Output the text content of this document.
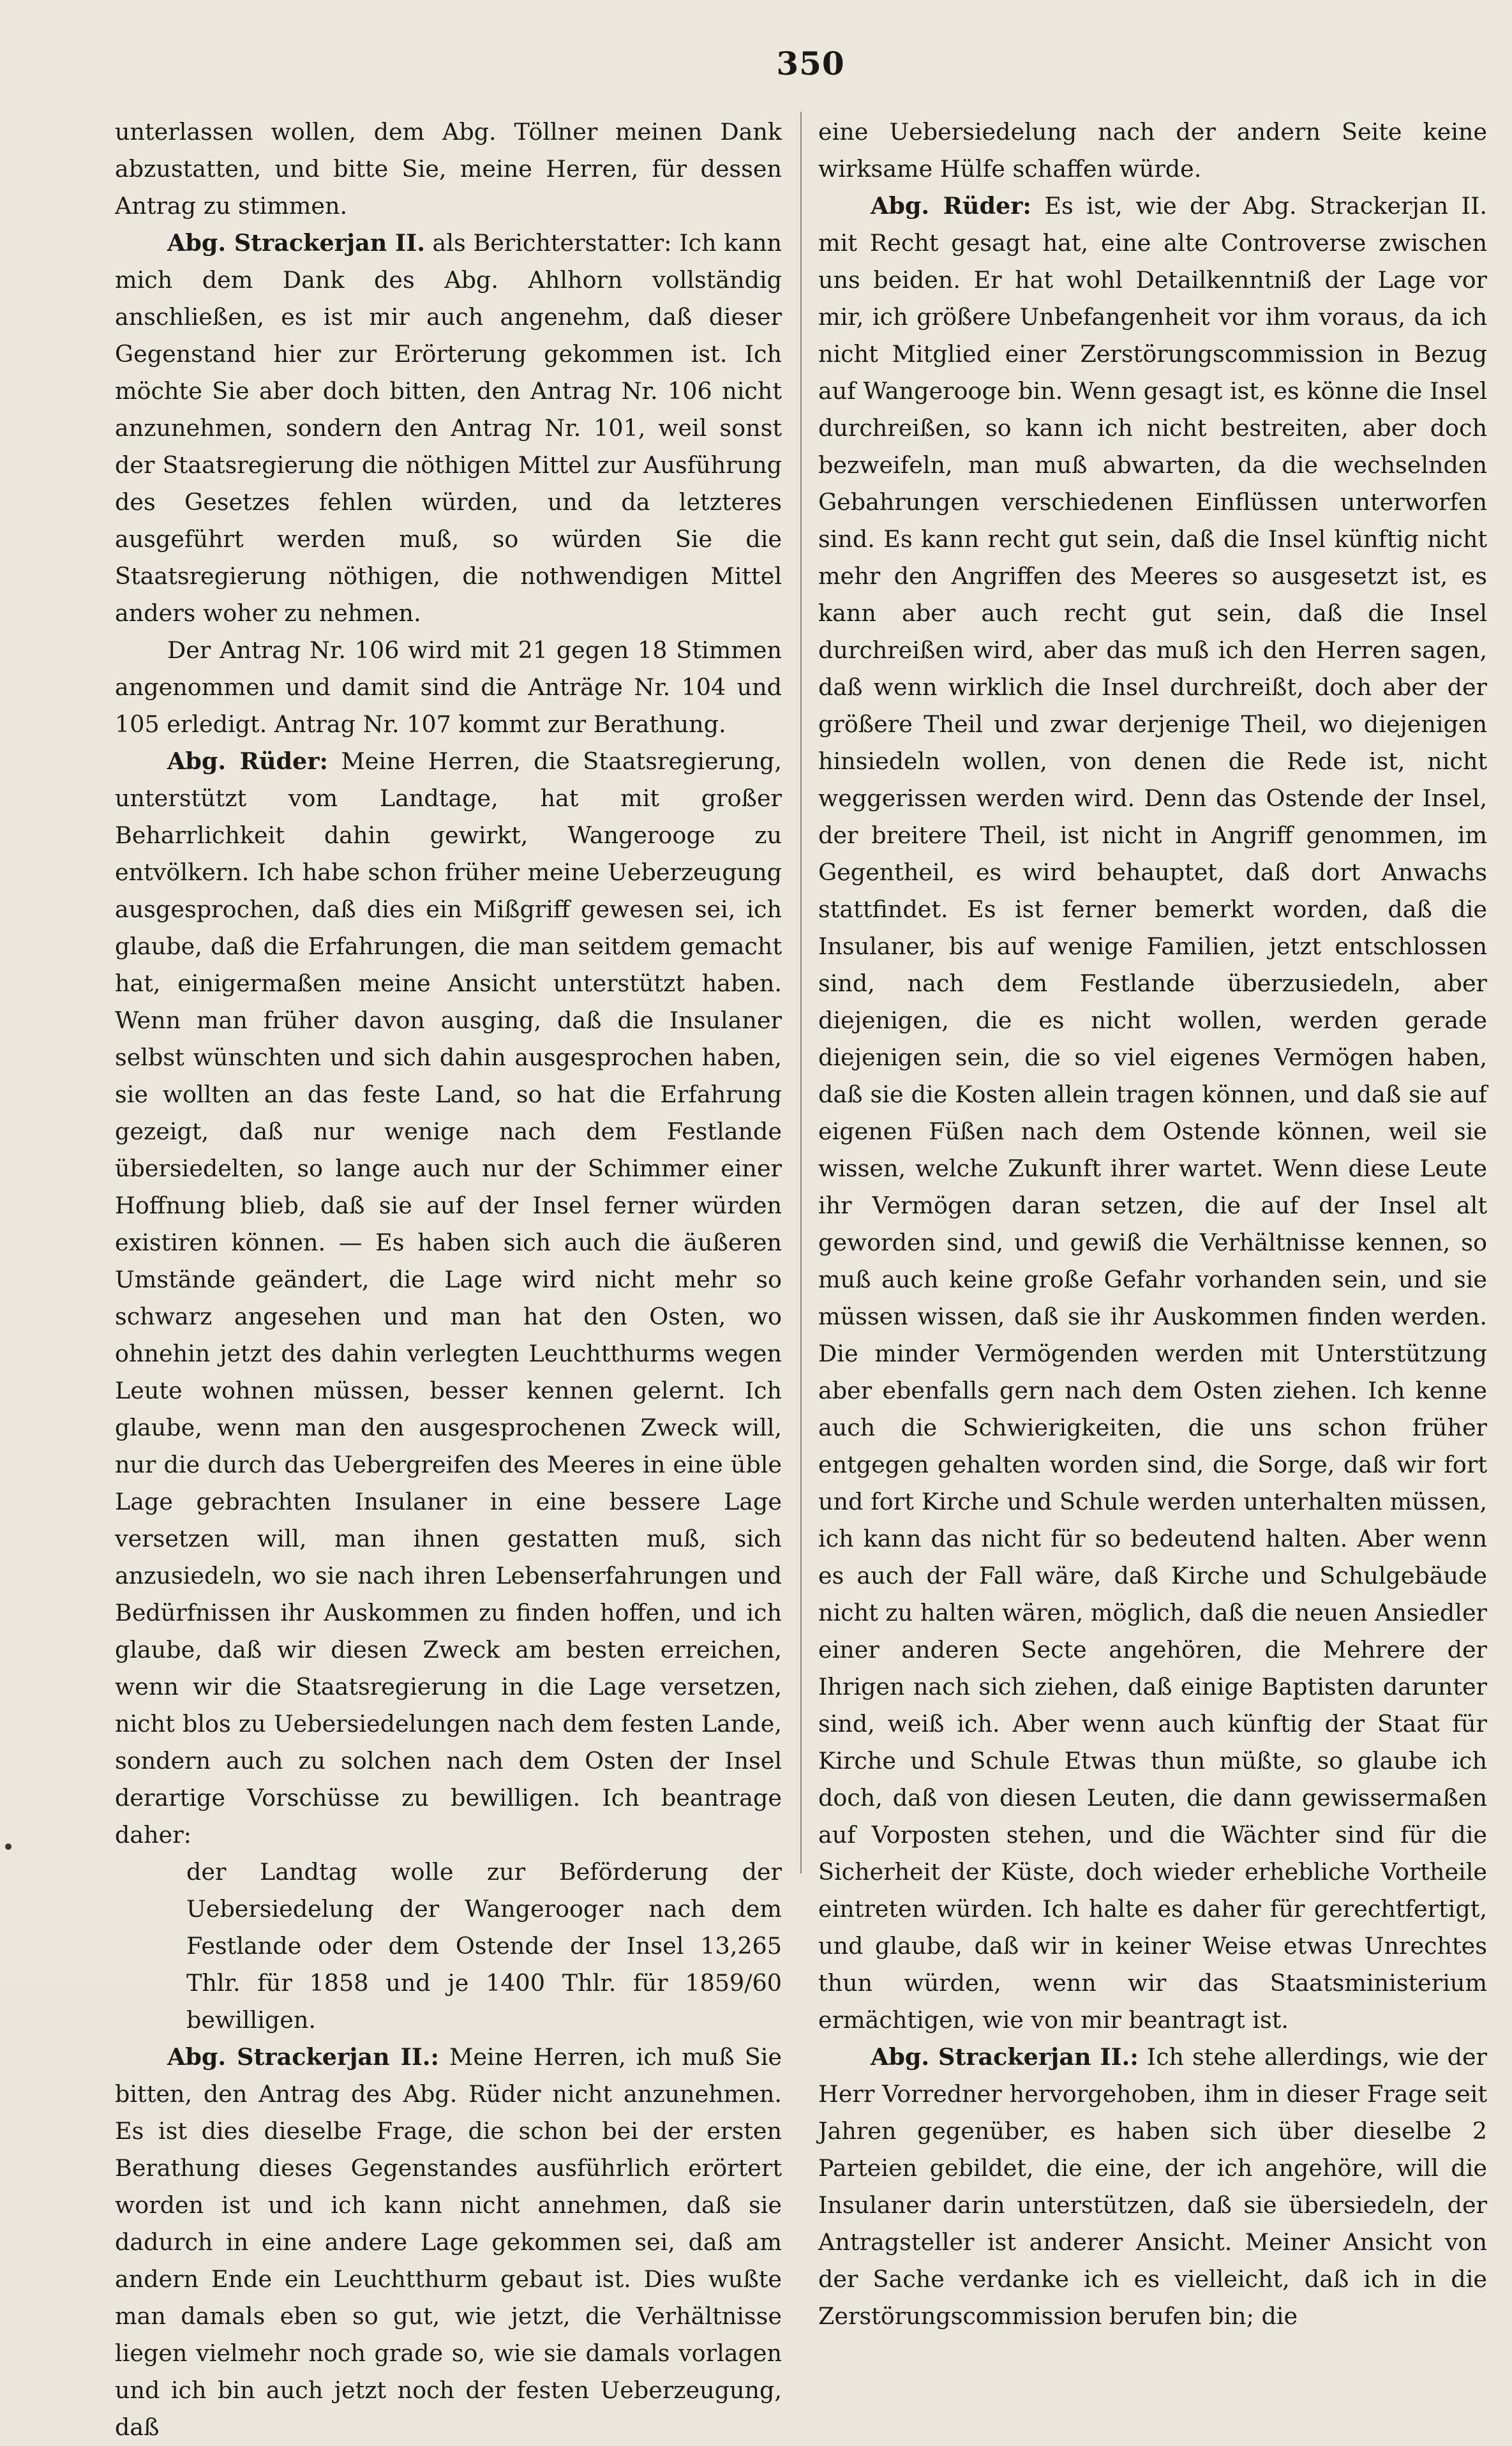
350

unterlassen wollen, dem Abg. Töllner meinen Dank abzustatten, und bitte Sie, meine Herren, für dessen Antrag zu stimmen.

Abg. Strackerjan II. als Berichterstatter: Ich kann mich dem Dank des Abg. Ahlhorn vollständig anschließen, es ist mir auch angenehm, daß dieser Gegenstand hier zur Erörterung gekommen ist. Ich möchte Sie aber doch bitten, den Antrag Nr. 106 nicht anzunehmen, sondern den Antrag Nr. 101, weil sonst der Staatsregierung die nöthigen Mittel zur Ausführung des Gesetzes fehlen würden, und da letzteres ausgeführt werden muß, so würden Sie die Staatsregierung nöthigen, die nothwendigen Mittel anders woher zu nehmen.

Der Antrag Nr. 106 wird mit 21 gegen 18 Stimmen angenommen und damit sind die Anträge Nr. 104 und 105 erledigt. Antrag Nr. 107 kommt zur Berathung.

Abg. Rüder: Meine Herren, die Staatsregierung, unterstützt vom Landtage, hat mit großer Beharrlichkeit dahin gewirkt, Wangerooge zu entvölkern. Ich habe schon früher meine Ueberzeugung ausgesprochen, daß dies ein Mißgriff gewesen sei, ich glaube, daß die Erfahrungen, die man seitdem gemacht hat, einigermaßen meine Ansicht unterstützt haben. Wenn man früher davon ausging, daß die Insulaner selbst wünschten und sich dahin ausgesprochen haben, sie wollten an das feste Land, so hat die Erfahrung gezeigt, daß nur wenige nach dem Festlande übersiedelten, so lange auch nur der Schimmer einer Hoffnung blieb, daß sie auf der Insel ferner würden existiren können. — Es haben sich auch die äußeren Umstände geändert, die Lage wird nicht mehr so schwarz angesehen und man hat den Osten, wo ohnehin jetzt des dahin verlegten Leuchtthurms wegen Leute wohnen müssen, besser kennen gelernt. Ich glaube, wenn man den ausgesprochenen Zweck will, nur die durch das Uebergreifen des Meeres in eine üble Lage gebrachten Insulaner in eine bessere Lage versetzen will, man ihnen gestatten muß, sich anzusiedeln, wo sie nach ihren Lebenserfahrungen und Bedürfnissen ihr Auskommen zu finden hoffen, und ich glaube, daß wir diesen Zweck am besten erreichen, wenn wir die Staatsregierung in die Lage versetzen, nicht blos zu Uebersiedelungen nach dem festen Lande, sondern auch zu solchen nach dem Osten der Insel derartige Vorschüsse zu bewilligen. Ich beantrage daher:

der Landtag wolle zur Beförderung der Uebersiedelung der Wangerooger nach dem Festlande oder dem Ostende der Insel 13,265 Thlr. für 1858 und je 1400 Thlr. für 1859/60 bewilligen.

Abg. Strackerjan II.: Meine Herren, ich muß Sie bitten, den Antrag des Abg. Rüder nicht anzunehmen. Es ist dies dieselbe Frage, die schon bei der ersten Berathung dieses Gegenstandes ausführlich erörtert worden ist und ich kann nicht annehmen, daß sie dadurch in eine andere Lage gekommen sei, daß am andern Ende ein Leuchtthurm gebaut ist. Dies wußte man damals eben so gut, wie jetzt, die Verhältnisse liegen vielmehr noch grade so, wie sie damals vorlagen und ich bin auch jetzt noch der festen Ueberzeugung, daß

eine Uebersiedelung nach der andern Seite keine wirksame Hülfe schaffen würde.

Abg. Rüder: Es ist, wie der Abg. Strackerjan II. mit Recht gesagt hat, eine alte Controverse zwischen uns beiden. Er hat wohl Detailkenntniß der Lage vor mir, ich größere Unbefangenheit vor ihm voraus, da ich nicht Mitglied einer Zerstörungscommission in Bezug auf Wangerooge bin. Wenn gesagt ist, es könne die Insel durchreißen, so kann ich nicht bestreiten, aber doch bezweifeln, man muß abwarten, da die wechselnden Gebahrungen verschiedenen Einflüssen unterworfen sind. Es kann recht gut sein, daß die Insel künftig nicht mehr den Angriffen des Meeres so ausgesetzt ist, es kann aber auch recht gut sein, daß die Insel durchreißen wird, aber das muß ich den Herren sagen, daß wenn wirklich die Insel durchreißt, doch aber der größere Theil und zwar derjenige Theil, wo diejenigen hinsiedeln wollen, von denen die Rede ist, nicht weggerissen werden wird. Denn das Ostende der Insel, der breitere Theil, ist nicht in Angriff genommen, im Gegentheil, es wird behauptet, daß dort Anwachs stattfindet. Es ist ferner bemerkt worden, daß die Insulaner, bis auf wenige Familien, jetzt entschlossen sind, nach dem Festlande überzusiedeln, aber diejenigen, die es nicht wollen, werden gerade diejenigen sein, die so viel eigenes Vermögen haben, daß sie die Kosten allein tragen können, und daß sie auf eigenen Füßen nach dem Ostende können, weil sie wissen, welche Zukunft ihrer wartet. Wenn diese Leute ihr Vermögen daran setzen, die auf der Insel alt geworden sind, und gewiß die Verhältnisse kennen, so muß auch keine große Gefahr vorhanden sein, und sie müssen wissen, daß sie ihr Auskommen finden werden. Die minder Vermögenden werden mit Unterstützung aber ebenfalls gern nach dem Osten ziehen. Ich kenne auch die Schwierigkeiten, die uns schon früher entgegen gehalten worden sind, die Sorge, daß wir fort und fort Kirche und Schule werden unterhalten müssen, ich kann das nicht für so bedeutend halten. Aber wenn es auch der Fall wäre, daß Kirche und Schulgebäude nicht zu halten wären, möglich, daß die neuen Ansiedler einer anderen Secte angehören, die Mehrere der Ihrigen nach sich ziehen, daß einige Baptisten darunter sind, weiß ich. Aber wenn auch künftig der Staat für Kirche und Schule Etwas thun müßte, so glaube ich doch, daß von diesen Leuten, die dann gewissermaßen auf Vorposten stehen, und die Wächter sind für die Sicherheit der Küste, doch wieder erhebliche Vortheile eintreten würden. Ich halte es daher für gerechtfertigt, und glaube, daß wir in keiner Weise etwas Unrechtes thun würden, wenn wir das Staatsministerium ermächtigen, wie von mir beantragt ist.

Abg. Strackerjan II.: Ich stehe allerdings, wie der Herr Vorredner hervorgehoben, ihm in dieser Frage seit Jahren gegenüber, es haben sich über dieselbe 2 Parteien gebildet, die eine, der ich angehöre, will die Insulaner darin unterstützen, daß sie übersiedeln, der Antragsteller ist anderer Ansicht. Meiner Ansicht von der Sache verdanke ich es vielleicht, daß ich in die Zerstörungscommission berufen bin; die
